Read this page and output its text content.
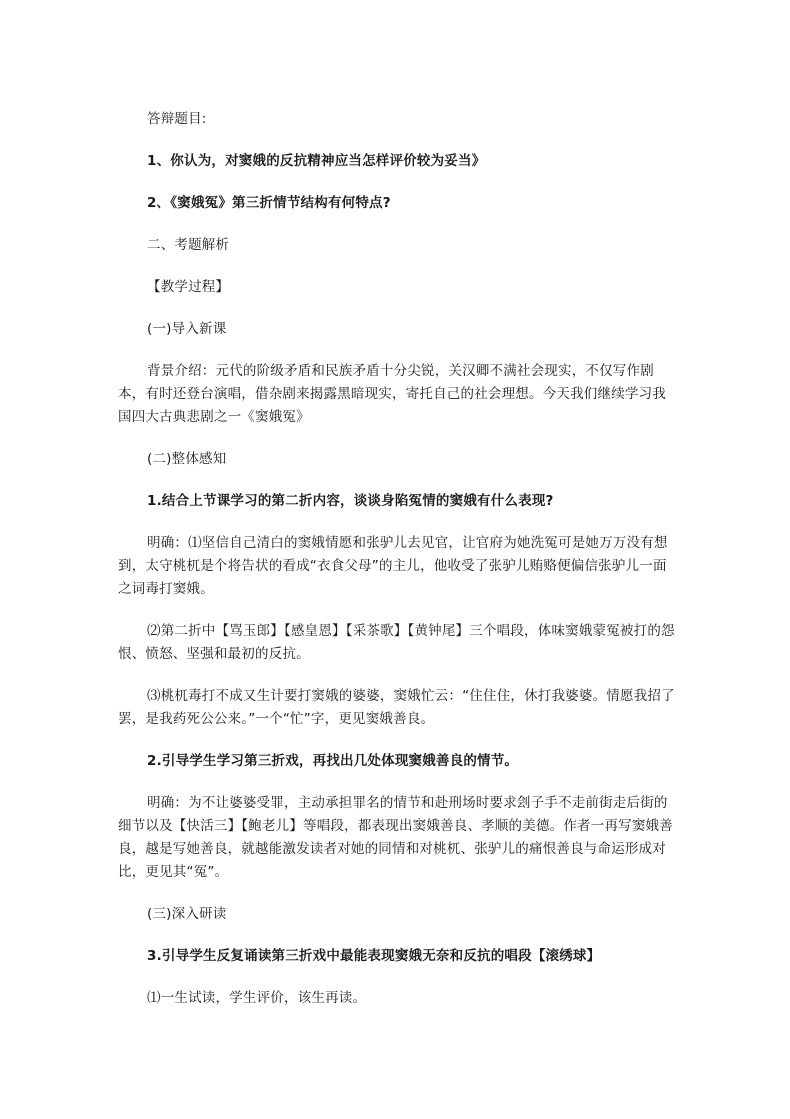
答辩题目:

1、你认为，对窦娥的反抗精神应当怎样评价较为妥当》

2､《窦娥冤》第三折情节结构有何特点?

二、考题解析

【教学过程】

(一)导入新课

背景介绍：元代的阶级矛盾和民族矛盾十分尖锐，关汉卿不满社会现实，不仅写作剧本，有时还登台演唱，借杂剧来揭露黑暗现实，寄托自己的社会理想。今天我们继续学习我国四大古典悲剧之一《窦娥冤》

(二)整体感知

1.结合上节课学习的第二折内容，谈谈身陷冤情的窦娥有什么表现?

明确：⑴坚信自己清白的窦娥情愿和张驴儿去见官，让官府为她洗冤可是她万万没有想到，太守桃杌是个将告状的看成“衣食父母”的主儿，他收受了张驴儿贿赂便偏信张驴儿一面之词毒打窦娥。

⑵第二折中【骂玉郎】【感皇恩】【采茶歌】【黄钟尾】三个唱段，体味窦娥蒙冤被打的怨恨、愤怒、坚强和最初的反抗。

⑶桃杌毒打不成又生计要打窦娥的婆婆，窦娥忙云：“住住住，休打我婆婆。情愿我招了罢，是我药死公公来。”一个“忙”字，更见窦娥善良。

2.引导学生学习第三折戏，再找出几处体现窦娥善良的情节。

明确：为不让婆婆受罪，主动承担罪名的情节和赴刑场时要求刽子手不走前街走后街的细节以及【快活三】【鲍老儿】等唱段，都表现出窦娥善良、孝顺的美德。作者一再写窦娥善良，越是写她善良，就越能激发读者对她的同情和对桃杌、张驴儿的痛恨善良与命运形成对比，更见其“冤”。

(三)深入研读

3.引导学生反复诵读第三折戏中最能表现窦娥无奈和反抗的唱段【滚绣球】

⑴一生试读，学生评价，该生再读。
